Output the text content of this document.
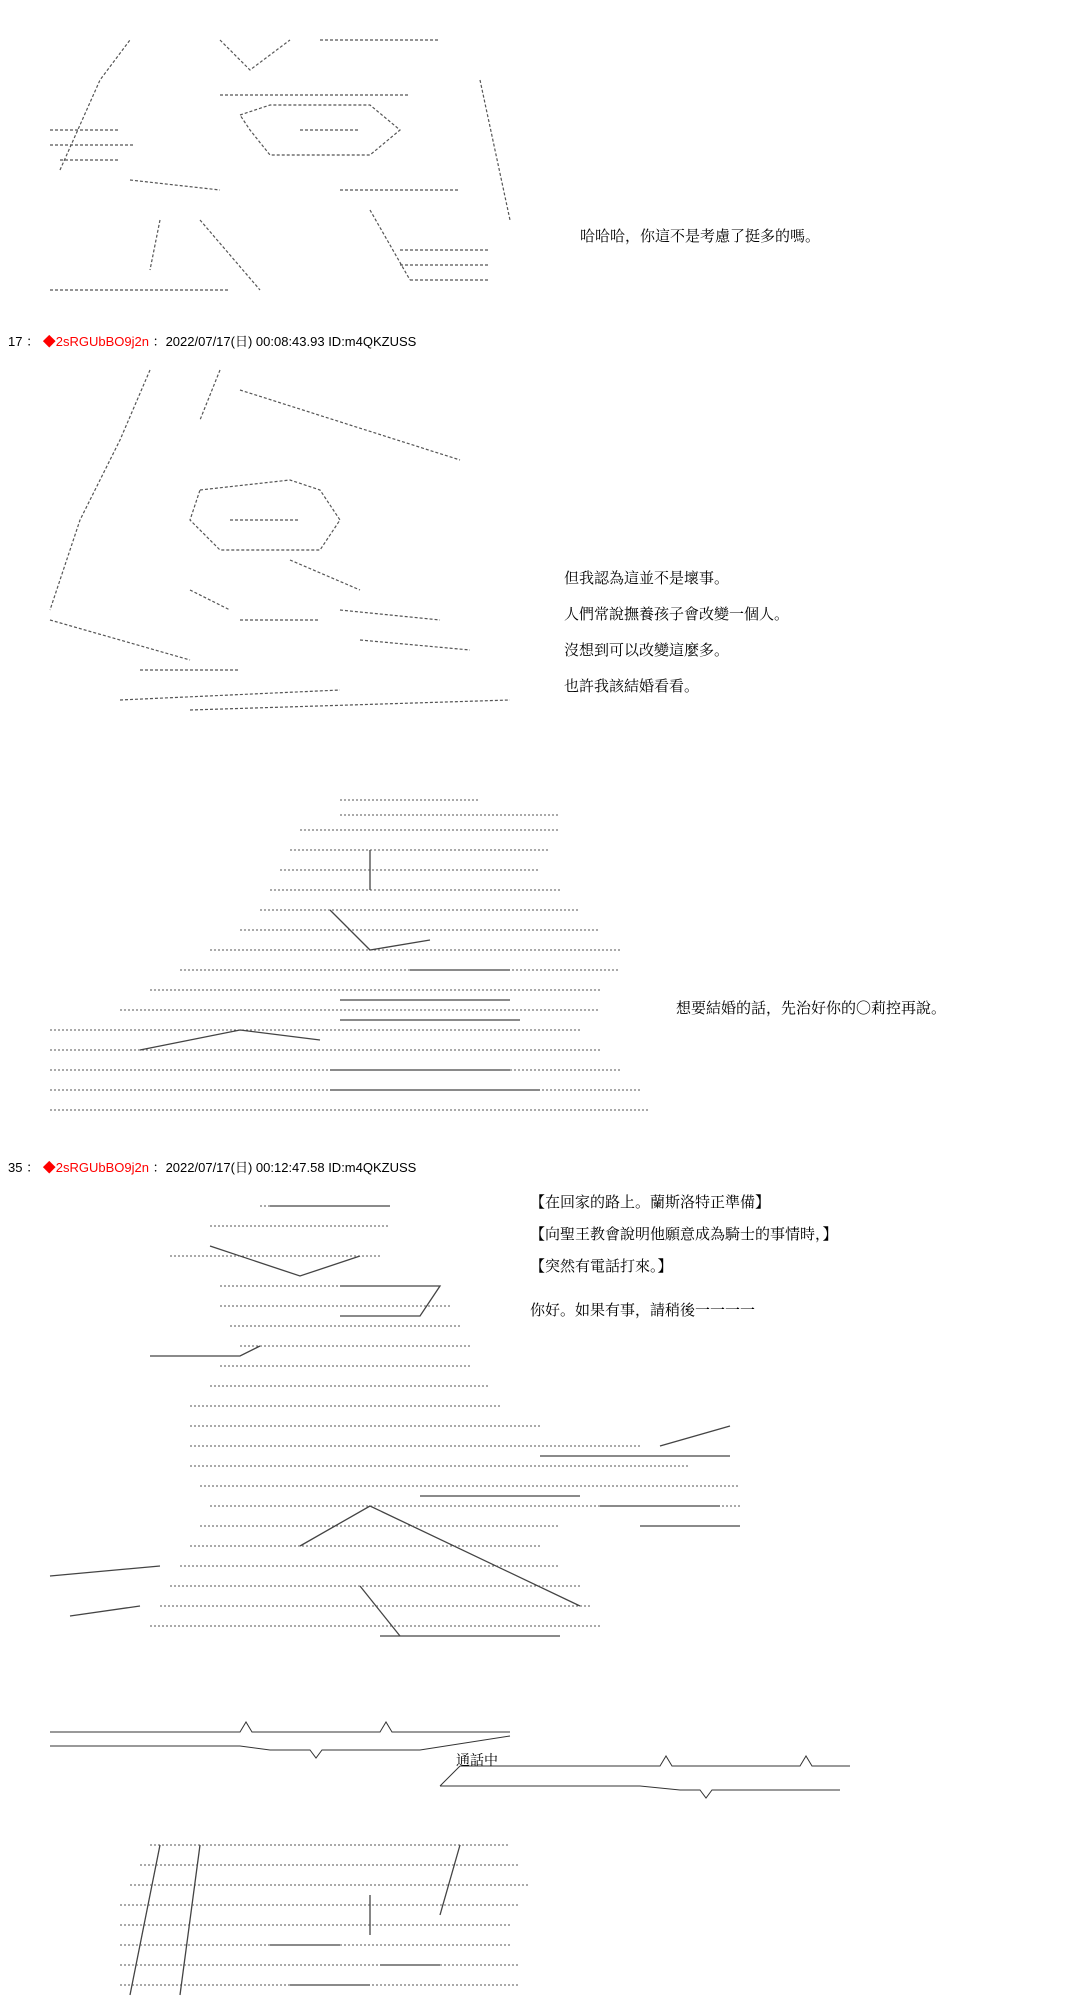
哈哈哈，你這不是考慮了挺多的嗎。
17 ： ◆2sRGUbBO9j2n ：2022/07/17(日) 00:08:43.93 ID:m4QKZUSS
但我認為這並不是壞事。
人們常說撫養孩子會改變一個人。
沒想到可以改變這麼多。
也許我該結婚看看。
想要結婚的話，先治好你的〇莉控再說。
35 ： ◆2sRGUbBO9j2n ：2022/07/17(日) 00:12:47.58 ID:m4QKZUSS
【在回家的路上。蘭斯洛特正準備】
【向聖王教會說明他願意成為騎士的事情時，】
【突然有電話打來。】
你好。如果有事，請稍後一一一一
通話中
